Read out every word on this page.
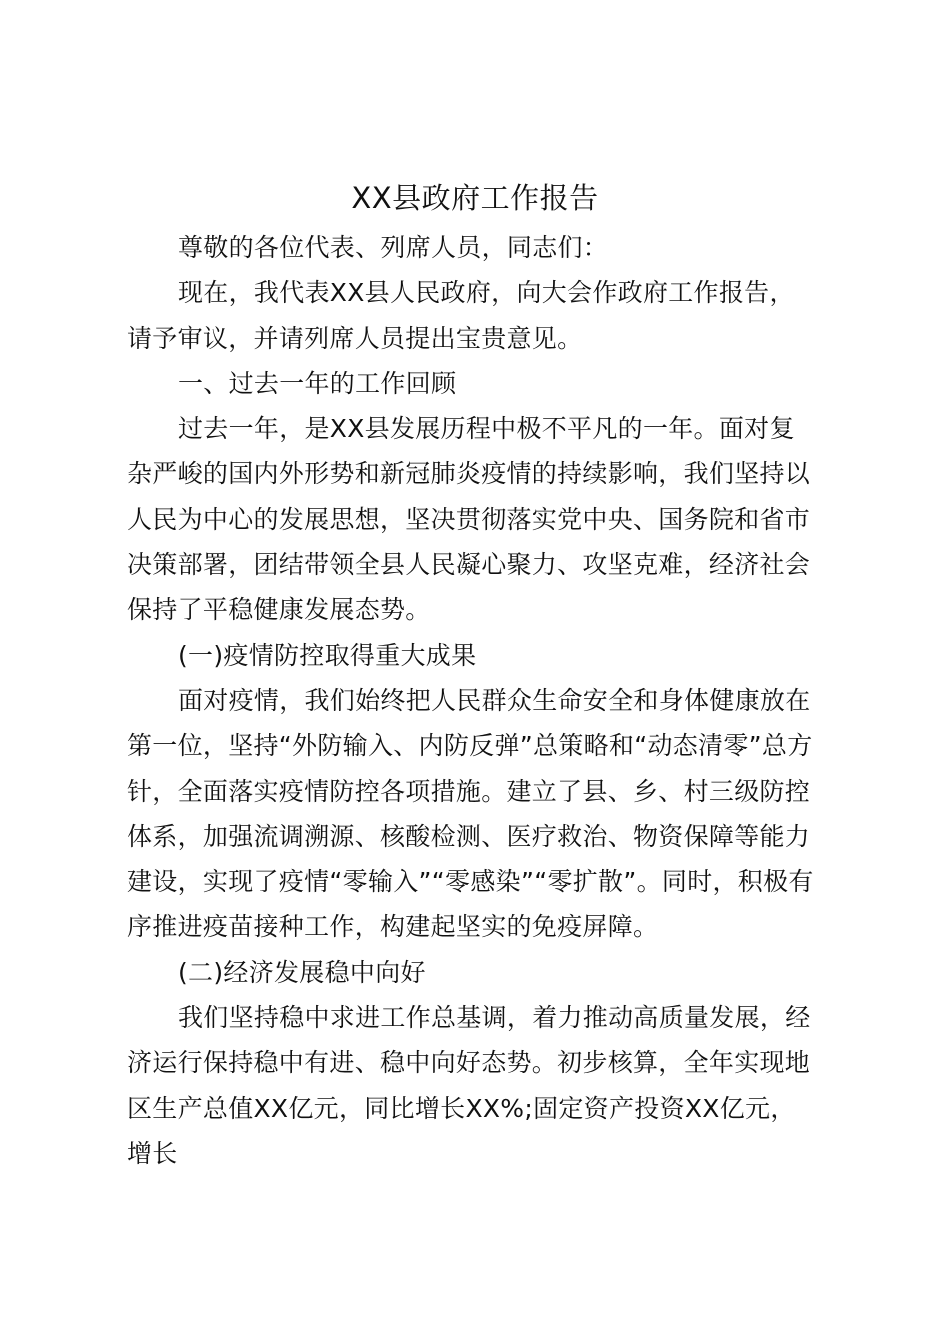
XX县政府工作报告
尊敬的各位代表、列席人员，同志们：
现在，我代表XX县人民政府，向大会作政府工作报告，
请予审议，并请列席人员提出宝贵意见。
一、过去一年的工作回顾
过去一年，是XX县发展历程中极不平凡的一年。面对复
杂严峻的国内外形势和新冠肺炎疫情的持续影响，我们坚持以
人民为中心的发展思想，坚决贯彻落实党中央、国务院和省市
决策部署，团结带领全县人民凝心聚力、攻坚克难，经济社会
保持了平稳健康发展态势。
(一)疫情防控取得重大成果
面对疫情，我们始终把人民群众生命安全和身体健康放在
第一位，坚持“外防输入、内防反弹”总策略和“动态清零”总方
针，全面落实疫情防控各项措施。建立了县、乡、村三级防控
体系，加强流调溯源、核酸检测、医疗救治、物资保障等能力
建设，实现了疫情“零输入”“零感染”“零扩散”。同时，积极有
序推进疫苗接种工作，构建起坚实的免疫屏障。
(二)经济发展稳中向好
我们坚持稳中求进工作总基调，着力推动高质量发展，经
济运行保持稳中有进、稳中向好态势。初步核算，全年实现地
区生产总值XX亿元，同比增长XX%;固定资产投资XX亿元，
增长
